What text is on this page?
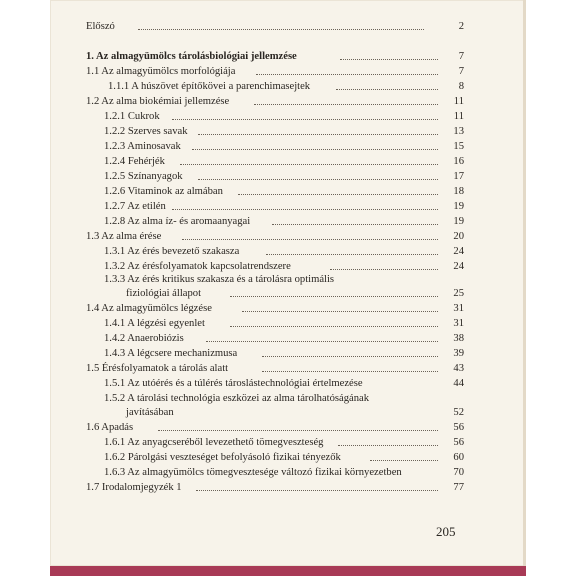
Előszó	2
1. Az almagyümölcs tárolásbiológiai jellemzése	7
1.1 Az almagyümölcs morfológiája	7
1.1.1 A húszövet építőkövei a parenchimasejtek	8
1.2 Az alma biokémiai jellemzése	11
1.2.1 Cukrok	11
1.2.2 Szerves savak	13
1.2.3 Aminosavak	15
1.2.4 Fehérjék	16
1.2.5 Színanyagok	17
1.2.6 Vitaminok az almában	18
1.2.7 Az etilén	19
1.2.8 Az alma íz- és aromaanyagai	19
1.3 Az alma érése	20
1.3.1 Az érés bevezető szakasza	24
1.3.2 Az érésfolyamatok kapcsolatrendszere	24
1.3.3 Az érés kritikus szakasza és a tárolásra optimális
fiziológiai állapot	25
1.4 Az almagyümölcs légzése	31
1.4.1 A légzési egyenlet	31
1.4.2 Anaerobiózis	38
1.4.3 A légcsere mechanizmusa	39
1.5 Érésfolyamatok a tárolás alatt	43
1.5.1 Az utóérés és a túlérés tároslástechnológiai értelmezése	44
1.5.2 A tárolási technológia eszközei az alma tárolhatóságának
javításában	52
1.6 Apadás	56
1.6.1 Az anyagcseréből levezethető tömegveszteség	56
1.6.2 Párolgási veszteséget befolyásoló fizikai tényezők	60
1.6.3 Az almagyümölcs tömegvesztesége változó fizikai környezetben	70
1.7 Irodalomjegyzék 1	77
205
